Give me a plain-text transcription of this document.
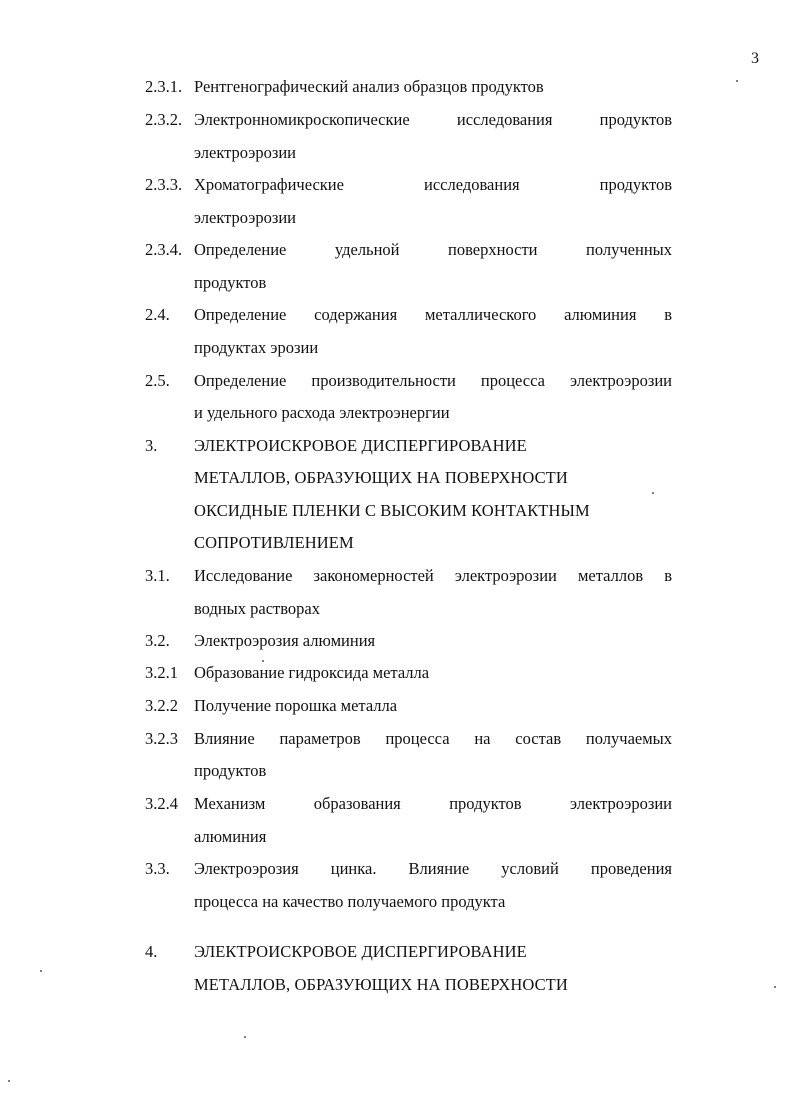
3
2.3.1. Рентгенографический анализ образцов продуктов
2.3.2. Электронномикроскопические исследования продуктов
электроэрозии
2.3.3. Хроматографические исследования продуктов
электроэрозии
2.3.4. Определение удельной поверхности полученных
продуктов
2.4. Определение содержания металлического алюминия в
продуктах эрозии
2.5. Определение производительности процесса электроэрозии
и удельного расхода электроэнергии
3. ЭЛЕКТРОИСКРОВОЕ ДИСПЕРГИРОВАНИЕ
МЕТАЛЛОВ, ОБРАЗУЮЩИХ НА ПОВЕРХНОСТИ
ОКСИДНЫЕ ПЛЕНКИ С ВЫСОКИМ КОНТАКТНЫМ
СОПРОТИВЛЕНИЕМ
3.1. Исследование закономерностей электроэрозии металлов в
водных растворах
3.2. Электроэрозия алюминия
3.2.1 Образование гидроксида металла
3.2.2 Получение порошка металла
3.2.3 Влияние параметров процесса на состав получаемых
продуктов
3.2.4 Механизм образования продуктов электроэрозии
алюминия
3.3. Электроэрозия цинка. Влияние условий проведения
процесса на качество получаемого продукта
4. ЭЛЕКТРОИСКРОВОЕ ДИСПЕРГИРОВАНИЕ
МЕТАЛЛОВ, ОБРАЗУЮЩИХ НА ПОВЕРХНОСТИ
